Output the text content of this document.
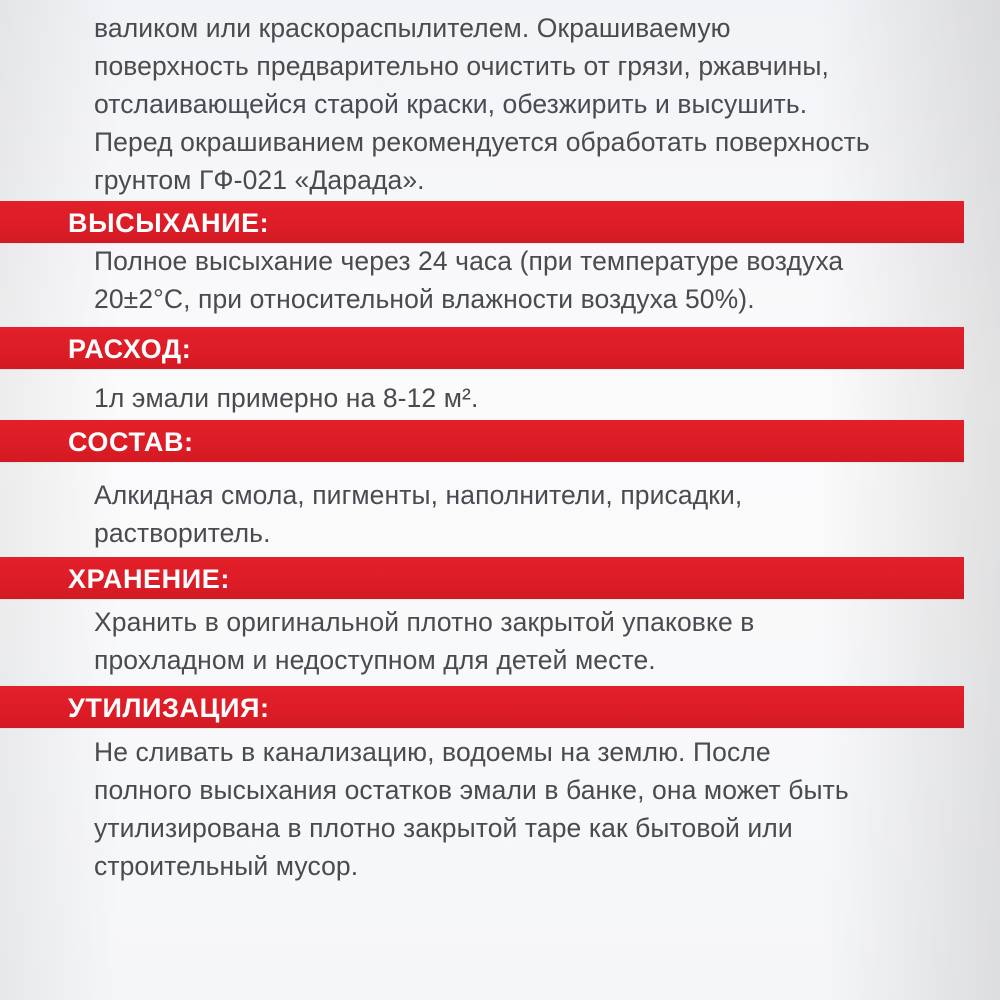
валиком или краскораспылителем. Окрашиваемую
поверхность предварительно очистить от грязи, ржавчины,
отслаивающейся старой краски, обезжирить и высушить.
Перед окрашиванием рекомендуется обработать поверхность
грунтом ГФ-021 «Дарада».

ВЫСЫХАНИЕ:

Полное высыхание через 24 часа (при температуре воздуха
20±2°С, при относительной влажности воздуха 50%).

РАСХОД:

1л эмали примерно на 8-12 м².

СОСТАВ:

Алкидная смола, пигменты, наполнители, присадки,
растворитель.

ХРАНЕНИЕ:

Хранить в оригинальной плотно закрытой упаковке в
прохладном и недоступном для детей месте.

УТИЛИЗАЦИЯ:

Не сливать в канализацию, водоемы на землю. После
полного высыхания остатков эмали в банке, она может быть
утилизирована в плотно закрытой таре как бытовой или
строительный мусор.
